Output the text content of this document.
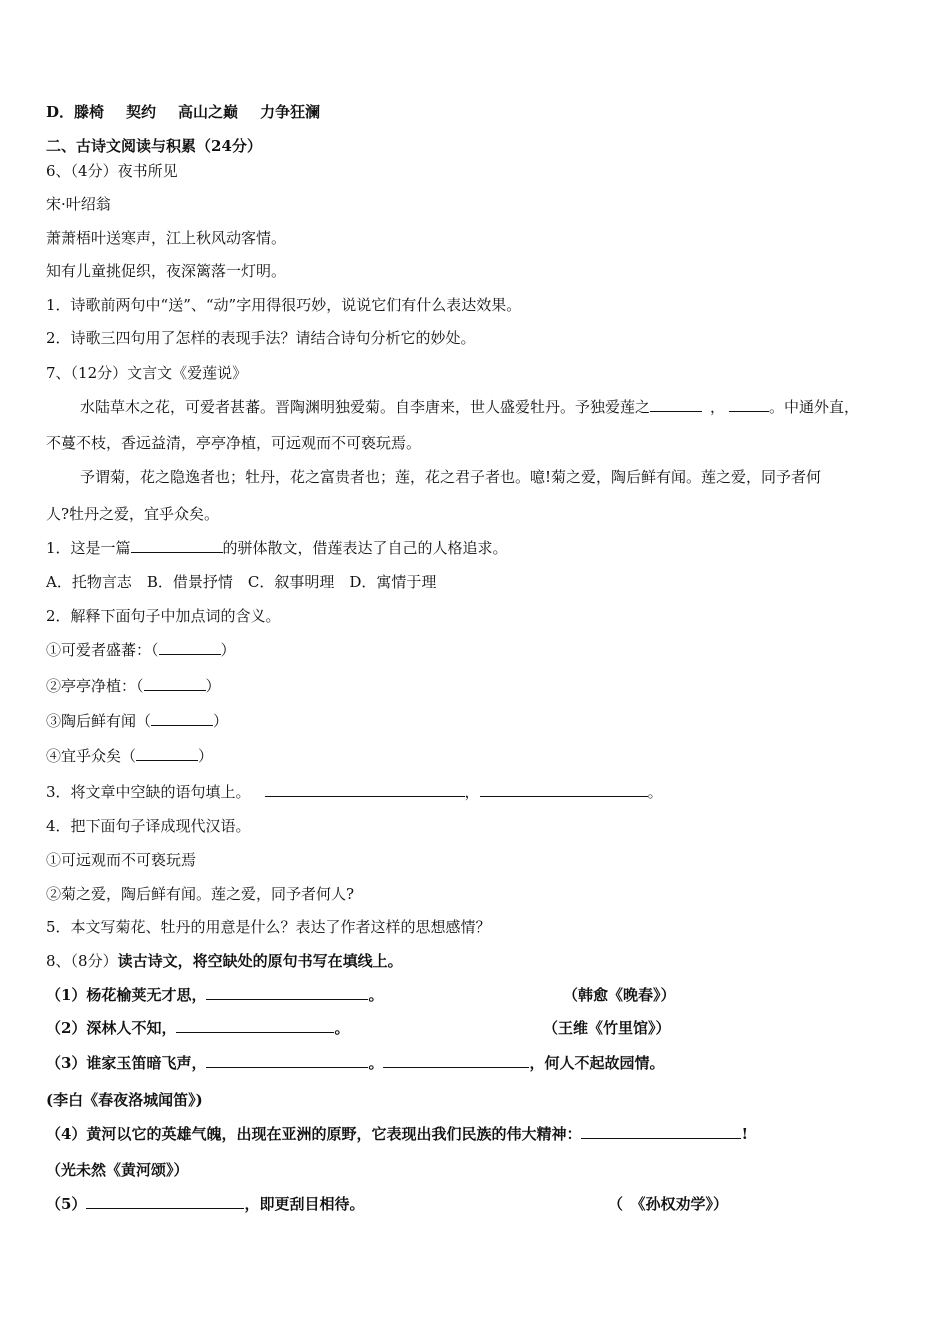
D．滕椅 契约 高山之巅 力争狂澜
二、古诗文阅读与积累（24分）
6、（4分）夜书所见
宋·叶绍翁
萧萧梧叶送寒声，江上秋风动客情。
知有儿童挑促织，夜深篱落一灯明。
1．诗歌前两句中“送”、“动”字用得很巧妙，说说它们有什么表达效果。
2．诗歌三四句用了怎样的表现手法？请结合诗句分析它的妙处。
7、（12分）文言文《爱莲说》
水陆草木之花，可爱者甚蕃。晋陶渊明独爱菊。自李唐来，世人盛爱牡丹。予独爱莲之	，	。中通外直，
不蔓不枝，香远益清，亭亭净植，可远观而不可亵玩焉。
予谓菊，花之隐逸者也；牡丹，花之富贵者也；莲，花之君子者也。噫!菊之爱，陶后鲜有闻。莲之爱，同予者何
人?牡丹之爱，宜乎众矣。
1．这是一篇	的骈体散文，借莲表达了自己的人格追求。
A．托物言志　B．借景抒情　C．叙事明理　D．寓情于理
2．解释下面句子中加点词的含义。
①可爱者盛蕃：（	）
②亭亭净植：（	）
③陶后鲜有闻（	）
④宜乎众矣（	）
3．将文章中空缺的语句填上。	，	。
4．把下面句子译成现代汉语。
①可远观而不可亵玩焉
②菊之爱，陶后鲜有闻。莲之爱，同予者何人?
5．本文写菊花、牡丹的用意是什么？表达了作者这样的思想感情？
8、（8分）读古诗文，将空缺处的原句书写在填线上。
（1）杨花榆荚无才思，	。	（韩愈《晚春》）
（2）深林人不知，	。	（王维《竹里馆》）
（3）谁家玉笛暗飞声，	。	，何人不起故园情。
(李白《春夜洛城闻笛》)
（4）黄河以它的英雄气魄，出现在亚洲的原野，它表现出我们民族的伟大精神：	!
（光未然《黄河颂》）
（5）	，即更刮目相待。	（　《孙权劝学》）
